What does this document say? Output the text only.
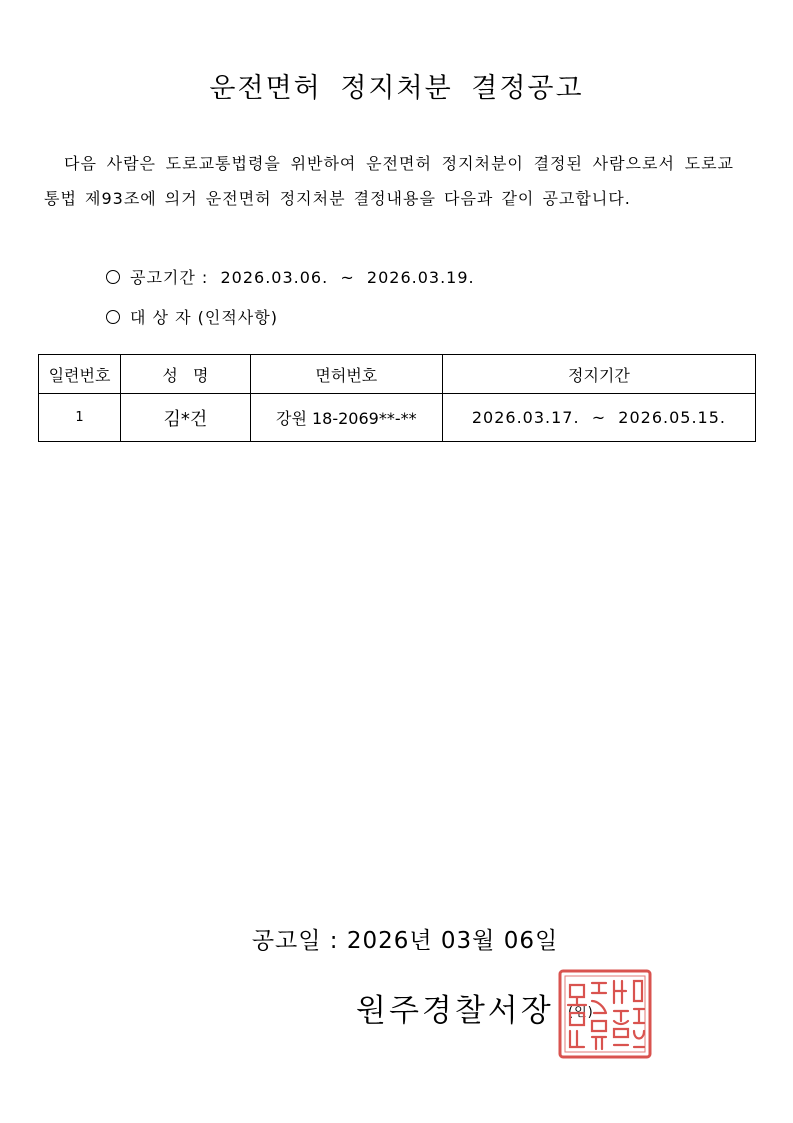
운전면허 정지처분 결정공고
다음 사람은 도로교통법령을 위반하여 운전면허 정지처분이 결정된 사람으로서 도로교통법 제93조에 의거 운전면허 정지처분 결정내용을 다음과 같이 공고합니다.
공고기간 :  2026.03.06.  ~  2026.03.19.
대 상 자 (인적사항)
일련번호	성   명	면허번호	정지기간
1	김*건	강원 18-2069**-**	2026.03.17.  ~  2026.05.15.
공고일 : 2026년 03월 06일
원주경찰서장 (인)
